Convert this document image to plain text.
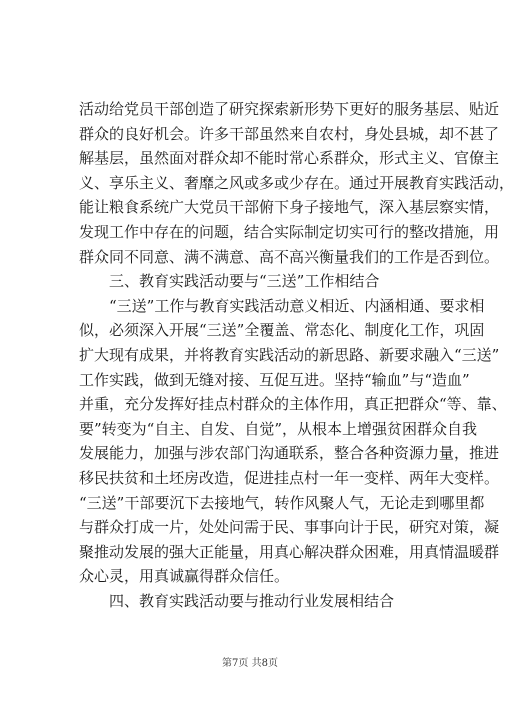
活动给党员干部创造了研究探索新形势下更好的服务基层、贴近
群众的良好机会。许多干部虽然来自农村，身处县城，却不甚了
解基层，虽然面对群众却不能时常心系群众，形式主义、官僚主
义、享乐主义、奢靡之风或多或少存在。通过开展教育实践活动，
能让粮食系统广大党员干部俯下身子接地气，深入基层察实情，
发现工作中存在的问题，结合实际制定切实可行的整改措施，用
群众同不同意、满不满意、高不高兴衡量我们的工作是否到位。
三、教育实践活动要与“三送”工作相结合
“三送”工作与教育实践活动意义相近、内涵相通、要求相
似，必须深入开展“三送”全覆盖、常态化、制度化工作，巩固
扩大现有成果，并将教育实践活动的新思路、新要求融入“三送”
工作实践，做到无缝对接、互促互进。坚持“输血”与“造血”
并重，充分发挥好挂点村群众的主体作用，真正把群众“等、靠、
要”转变为“自主、自发、自觉”，从根本上增强贫困群众自我
发展能力，加强与涉农部门沟通联系，整合各种资源力量，推进
移民扶贫和土坯房改造，促进挂点村一年一变样、两年大变样。
“三送”干部要沉下去接地气，转作风聚人气，无论走到哪里都
与群众打成一片，处处问需于民、事事向计于民，研究对策，凝
聚推动发展的强大正能量，用真心解决群众困难，用真情温暖群
众心灵，用真诚赢得群众信任。
四、教育实践活动要与推动行业发展相结合
第7页 共8页
